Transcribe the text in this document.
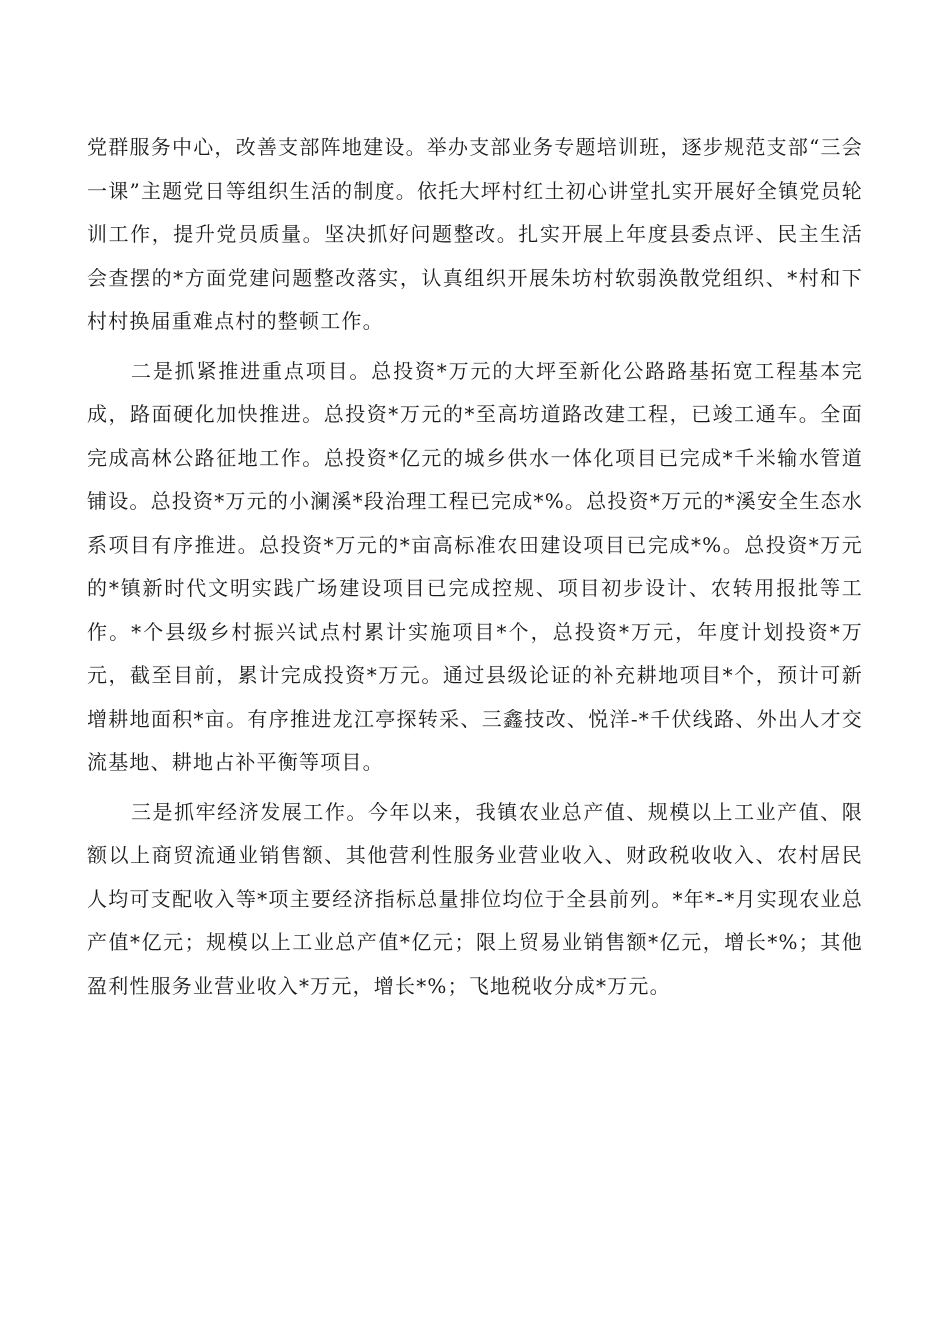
党群服务中心，改善支部阵地建设。举办支部业务专题培训班，逐步规范支部“三会一课”主题党日等组织生活的制度。依托大坪村红土初心讲堂扎实开展好全镇党员轮训工作，提升党员质量。坚决抓好问题整改。扎实开展上年度县委点评、民主生活会查摆的*方面党建问题整改落实，认真组织开展朱坊村软弱涣散党组织、*村和下村村换届重难点村的整顿工作。

二是抓紧推进重点项目。总投资*万元的大坪至新化公路路基拓宽工程基本完成，路面硬化加快推进。总投资*万元的*至高坊道路改建工程，已竣工通车。全面完成高林公路征地工作。总投资*亿元的城乡供水一体化项目已完成*千米输水管道铺设。总投资*万元的小澜溪*段治理工程已完成*%。总投资*万元的*溪安全生态水系项目有序推进。总投资*万元的*亩高标准农田建设项目已完成*%。总投资*万元的*镇新时代文明实践广场建设项目已完成控规、项目初步设计、农转用报批等工作。*个县级乡村振兴试点村累计实施项目*个，总投资*万元，年度计划投资*万元，截至目前，累计完成投资*万元。通过县级论证的补充耕地项目*个，预计可新增耕地面积*亩。有序推进龙江亭探转采、三鑫技改、悦洋-*千伏线路、外出人才交流基地、耕地占补平衡等项目。

三是抓牢经济发展工作。今年以来，我镇农业总产值、规模以上工业产值、限额以上商贸流通业销售额、其他营利性服务业营业收入、财政税收收入、农村居民人均可支配收入等*项主要经济指标总量排位均位于全县前列。*年*-*月实现农业总产值*亿元；规模以上工业总产值*亿元；限上贸易业销售额*亿元，增长*%；其他盈利性服务业营业收入*万元，增长*%；飞地税收分成*万元。
